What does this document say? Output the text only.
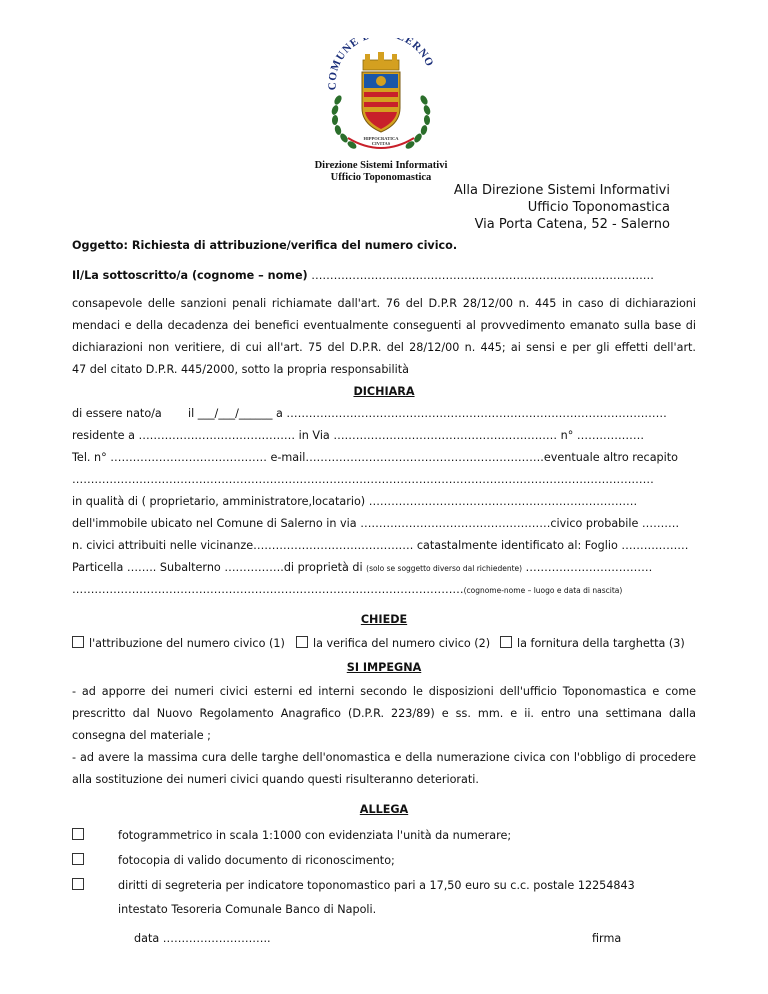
COMUNE ERNO
HIPPOCRATICA
CIVITAS
Direzione Sistemi Informativi
Ufficio Toponomastica
Alla Direzione Sistemi Informativi
Ufficio Toponomastica
Via Porta Catena, 52 - Salerno
Oggetto: Richiesta di attribuzione/verifica del numero civico.
Il/La sottoscritto/a (cognome – nome) ………………………………………………………………..………………
consapevole delle sanzioni penali richiamate dall'art. 76 del D.P.R 28/12/00 n. 445 in caso di dichiarazioni
mendaci e della decadenza dei benefici eventualmente conseguenti al provvedimento emanato sulla base di
dichiarazioni non veritiere, di cui all'art. 75 del D.P.R. del 28/12/00 n. 445; ai sensi e per gli effetti dell'art.
47 del citato D.P.R. 445/2000, sotto la propria responsabilità
DICHIARA
di essere nato/a il ___/___/______ a …………………………………………………………………………………………
residente a …………………………………… in Via …………………………………………………… n° ………………
Tel. n° …………………………………… e-mail……………………………………………………….eventuale altro recapito
…………………………………………………………………………………………………………………………………………
in qualità di ( proprietario, amministratore,locatario) ………………………………………………………………
dell'immobile ubicato nel Comune di Salerno in via ……………………………………………civico probabile ……….
n. civici attribuiti nelle vicinanze……………………………………. catastalmente identificato al: Foglio ………………
Particella …….. Subalterno …………….di proprietà di (solo se soggetto diverso dal richiedente) .……………………………
……………………………………………………………………………………………(cognome-nome – luogo e data di nascita)
CHIEDE
l'attribuzione del numero civico (1)	la verifica del numero civico (2)	la fornitura della targhetta (3)
SI IMPEGNA
- ad apporre dei numeri civici esterni ed interni secondo le disposizioni dell'ufficio Toponomastica e come
prescritto dal Nuovo Regolamento Anagrafico (D.P.R. 223/89) e ss. mm. e ii. entro una settimana dalla
consegna del materiale ;
- ad avere la massima cura delle targhe dell'onomastica e della numerazione civica con l'obbligo di procedere
alla sostituzione dei numeri civici quando questi risulteranno deteriorati.
ALLEGA
fotogrammetrico in scala 1:1000 con evidenziata l'unità da numerare;
fotocopia di valido documento di riconoscimento;
diritti di segreteria per indicatore toponomastico pari a 17,50 euro su c.c. postale 12254843
intestato Tesoreria Comunale Banco di Napoli.
data ………………………..	firma
